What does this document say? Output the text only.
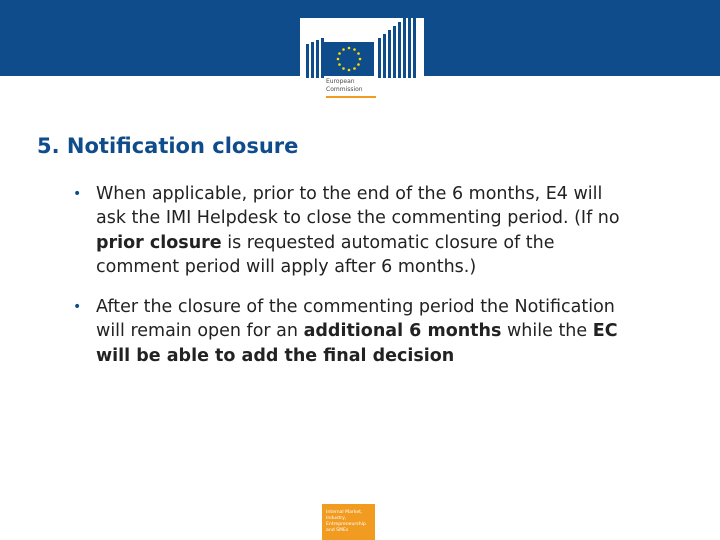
European
Commission
5. Notification closure
• When applicable, prior to the end of the 6 months, E4 will ask the IMI Helpdesk to close the commenting period. (If no prior closure is requested automatic closure of the comment period will apply after 6 months.)
• After the closure of the commenting period the Notification will remain open for an additional 6 months while the EC will be able to add the final decision
Internal Market,
Industry,
Entrepreneurship
and SMEs
